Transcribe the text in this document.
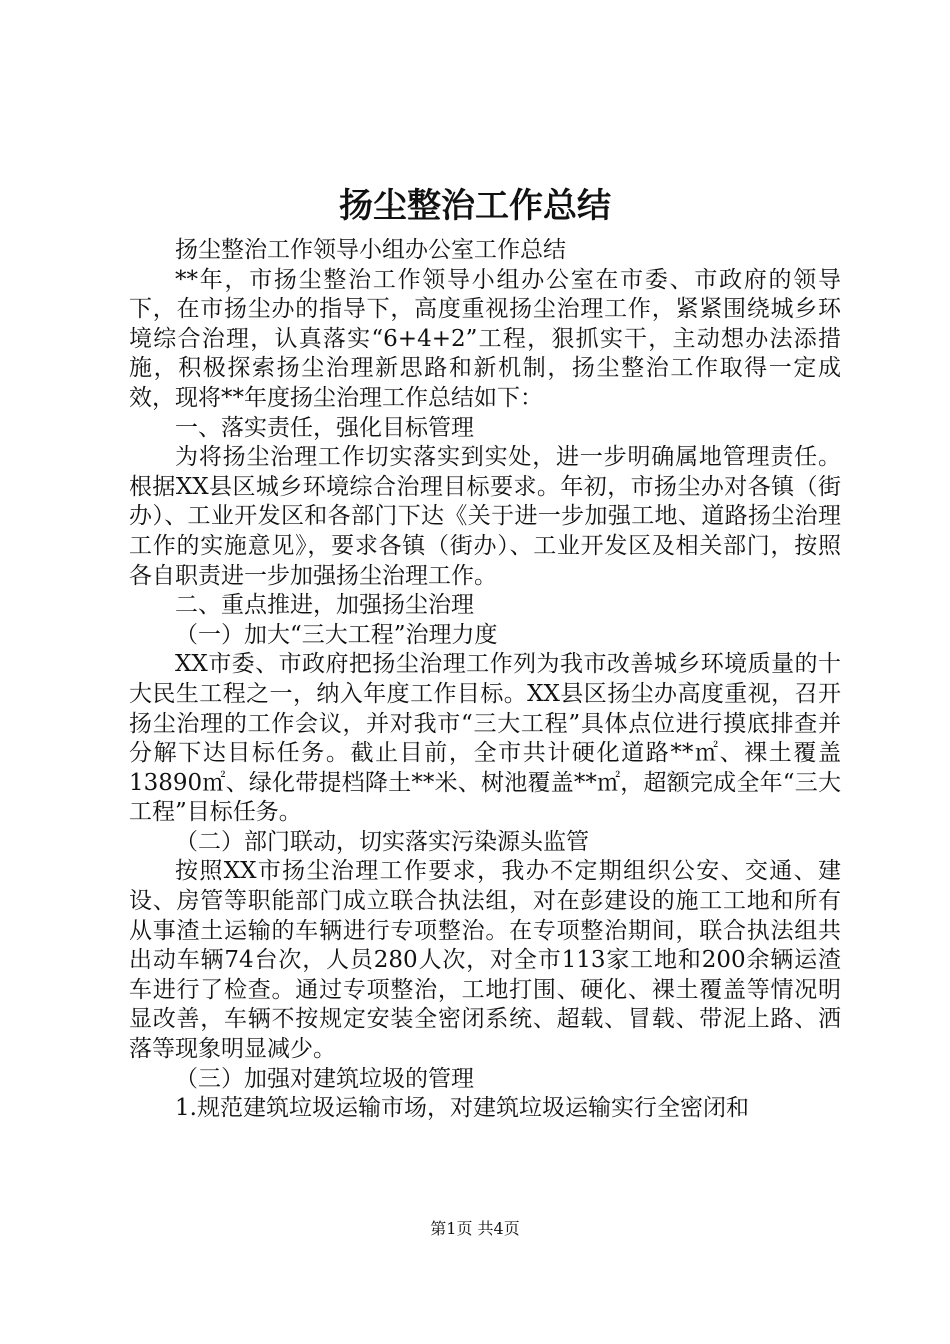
扬尘整治工作总结

扬尘整治工作领导小组办公室工作总结

**年，市扬尘整治工作领导小组办公室在市委、市政府的领导下，在市扬尘办的指导下，高度重视扬尘治理工作，紧紧围绕城乡环境综合治理，认真落实“6+4+2”工程，狠抓实干，主动想办法添措施，积极探索扬尘治理新思路和新机制，扬尘整治工作取得一定成效，现将**年度扬尘治理工作总结如下：

一、落实责任，强化目标管理

为将扬尘治理工作切实落实到实处，进一步明确属地管理责任。根据XX县区城乡环境综合治理目标要求。年初，市扬尘办对各镇（街办）、工业开发区和各部门下达《关于进一步加强工地、道路扬尘治理工作的实施意见》，要求各镇（街办）、工业开发区及相关部门，按照各自职责进一步加强扬尘治理工作。

二、重点推进，加强扬尘治理

（一）加大“三大工程”治理力度

XX市委、市政府把扬尘治理工作列为我市改善城乡环境质量的十大民生工程之一，纳入年度工作目标。XX县区扬尘办高度重视，召开扬尘治理的工作会议，并对我市“三大工程”具体点位进行摸底排查并分解下达目标任务。截止目前，全市共计硬化道路**㎡、裸土覆盖13890㎡、绿化带提档降土**米、树池覆盖**㎡，超额完成全年“三大工程”目标任务。

（二）部门联动，切实落实污染源头监管

按照XX市扬尘治理工作要求，我办不定期组织公安、交通、建设、房管等职能部门成立联合执法组，对在彭建设的施工工地和所有从事渣土运输的车辆进行专项整治。在专项整治期间，联合执法组共出动车辆74台次，人员280人次，对全市113家工地和200余辆运渣车进行了检查。通过专项整治，工地打围、硬化、裸土覆盖等情况明显改善，车辆不按规定安装全密闭系统、超载、冒载、带泥上路、洒落等现象明显减少。

（三）加强对建筑垃圾的管理

1.规范建筑垃圾运输市场，对建筑垃圾运输实行全密闭和

第1页 共4页
